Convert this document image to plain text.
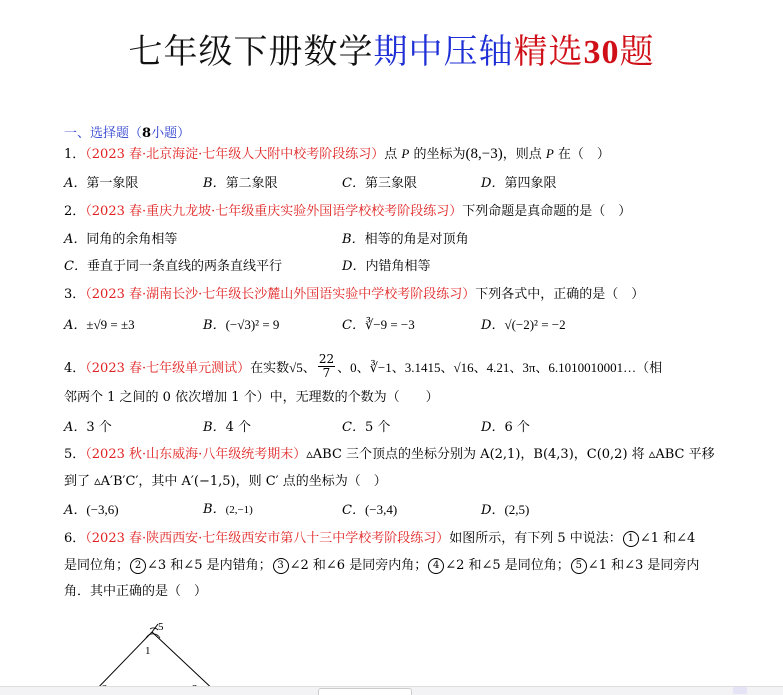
七年级下册数学期中压轴精选30题
一、选择题（8小题）
1．（2023 春·北京海淀·七年级人大附中校考阶段练习）点 P 的坐标为(8,−3)，则点 P 在（　）
A．第一象限	B．第二象限	C．第三象限	D．第四象限
2．（2023 春·重庆九龙坡·七年级重庆实验外国语学校校考阶段练习）下列命题是真命题的是（　）
A．同角的余角相等	B．相等的角是对顶角
C．垂直于同一条直线的两条直线平行	D．内错角相等
3．（2023 春·湖南长沙·七年级长沙麓山外国语实验中学校考阶段练习）下列各式中，正确的是（　）
A．±√9 = ±3	B．(−√3)² = 9	C．∛−9 = −3	D．√(−2)² = −2
4．（2023 春·七年级单元测试）在实数√5、 $\frac{22}{7}$ 、0、∛−1、3.1415、√16、4.21、3π、6.1010010001…（相
邻两个 1 之间的 0 依次增加 1 个）中，无理数的个数为（　　）
A．3 个	B．4 个	C．5 个	D．6 个
5．（2023 秋·山东威海·八年级统考期末）▵ABC 三个顶点的坐标分别为 A(2,1)，B(4,3)，C(0,2) 将 ▵ABC 平移
到了 ▵A′B′C′，其中 A′(−1,5)，则 C′ 点的坐标为（　）
A．(−3,6)	B．(2,−1)	C．(−3,4)	D．(2,5)
6．（2023 春·陕西西安·七年级西安市第八十三中学校考阶段练习）如图所示，有下列 5 中说法： 1 ∠1 和∠4
是同位角； 2 ∠3 和∠5 是内错角； 3 ∠2 和∠6 是同旁内角； 4 ∠2 和∠5 是同位角； 5 ∠1 和∠3 是同旁内
角．其中正确的是（　）
5
1
